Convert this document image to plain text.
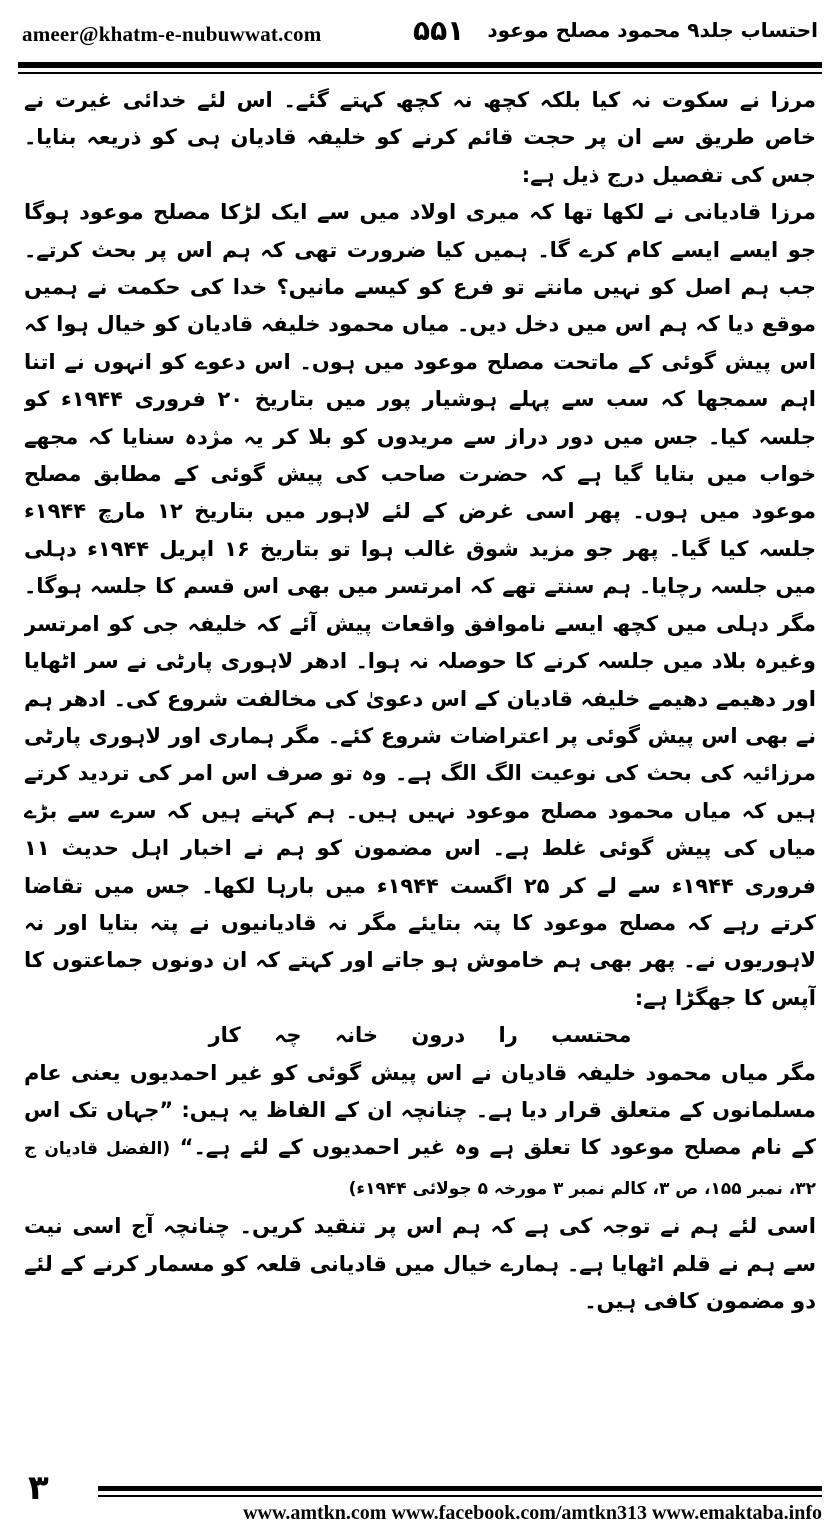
ameer@khatm-e-nubuwwat.com	۵۵۱ احتساب جلد۹ محمود مصلح موعود

مرزا نے سکوت نہ کیا بلکہ کچھ نہ کچھ کہتے گئے۔ اس لئے خدائی غیرت نے خاص طریق سے ان پر حجت قائم کرنے کو خلیفہ قادیان ہی کو ذریعہ بنایا۔ جس کی تفصیل درج ذیل ہے:

مرزا قادیانی نے لکھا تھا کہ میری اولاد میں سے ایک لڑکا مصلح موعود ہوگا جو ایسے ایسے کام کرے گا۔ ہمیں کیا ضرورت تھی کہ ہم اس پر بحث کرتے۔ جب ہم اصل کو نہیں مانتے تو فرع کو کیسے مانیں؟ خدا کی حکمت نے ہمیں موقع دیا کہ ہم اس میں دخل دیں۔ میاں محمود خلیفہ قادیان کو خیال ہوا کہ اس پیش گوئی کے ماتحت مصلح موعود میں ہوں۔ اس دعوے کو انہوں نے اتنا اہم سمجھا کہ سب سے پہلے ہوشیار پور میں بتاریخ ۲۰ فروری ۱۹۴۴ء کو جلسہ کیا۔ جس میں دور دراز سے مریدوں کو بلا کر یہ مژدہ سنایا کہ مجھے خواب میں بتایا گیا ہے کہ حضرت صاحب کی پیش گوئی کے مطابق مصلح موعود میں ہوں۔ پھر اسی غرض کے لئے لاہور میں بتاریخ ۱۲ مارچ ۱۹۴۴ء جلسہ کیا گیا۔ پھر جو مزید شوق غالب ہوا تو بتاریخ ۱۶ اپریل ۱۹۴۴ء دہلی میں جلسہ رچایا۔ ہم سنتے تھے کہ امرتسر میں بھی اس قسم کا جلسہ ہوگا۔ مگر دہلی میں کچھ ایسے ناموافق واقعات پیش آئے کہ خلیفہ جی کو امرتسر وغیرہ بلاد میں جلسہ کرنے کا حوصلہ نہ ہوا۔ ادھر لاہوری پارٹی نے سر اٹھایا اور دھیمے دھیمے خلیفہ قادیان کے اس دعویٰ کی مخالفت شروع کی۔ ادھر ہم نے بھی اس پیش گوئی پر اعتراضات شروع کئے۔ مگر ہماری اور لاہوری پارٹی مرزائیہ کی بحث کی نوعیت الگ الگ ہے۔ وہ تو صرف اس امر کی تردید کرتے ہیں کہ میاں محمود مصلح موعود نہیں ہیں۔ ہم کہتے ہیں کہ سرے سے بڑے میاں کی پیش گوئی غلط ہے۔ اس مضمون کو ہم نے اخبار اہل حدیث ۱۱ فروری ۱۹۴۴ء سے لے کر ۲۵ اگست ۱۹۴۴ء میں بارہا لکھا۔ جس میں تقاضا کرتے رہے کہ مصلح موعود کا پتہ بتایئے مگر نہ قادیانیوں نے پتہ بتایا اور نہ لاہوریوں نے۔ پھر بھی ہم خاموش ہو جاتے اور کہتے کہ ان دونوں جماعتوں کا آپس کا جھگڑا ہے:

محتسب را درون خانہ چہ کار

مگر میاں محمود خلیفہ قادیان نے اس پیش گوئی کو غیر احمدیوں یعنی عام مسلمانوں کے متعلق قرار دیا ہے۔ چنانچہ ان کے الفاظ یہ ہیں: ”جہاں تک اس کے نام مصلح موعود کا تعلق ہے وہ غیر احمدیوں کے لئے ہے۔“ (الفضل قادیان ج ۳۲، نمبر ۱۵۵، ص ۳، کالم نمبر ۳ مورخہ ۵ جولائی ۱۹۴۴ء)

اسی لئے ہم نے توجہ کی ہے کہ ہم اس پر تنقید کریں۔ چنانچہ آج اسی نیت سے ہم نے قلم اٹھایا ہے۔ ہمارے خیال میں قادیانی قلعہ کو مسمار کرنے کے لئے دو مضمون کافی ہیں۔

۳
www.amtkn.com www.facebook.com/amtkn313 www.emaktaba.info
